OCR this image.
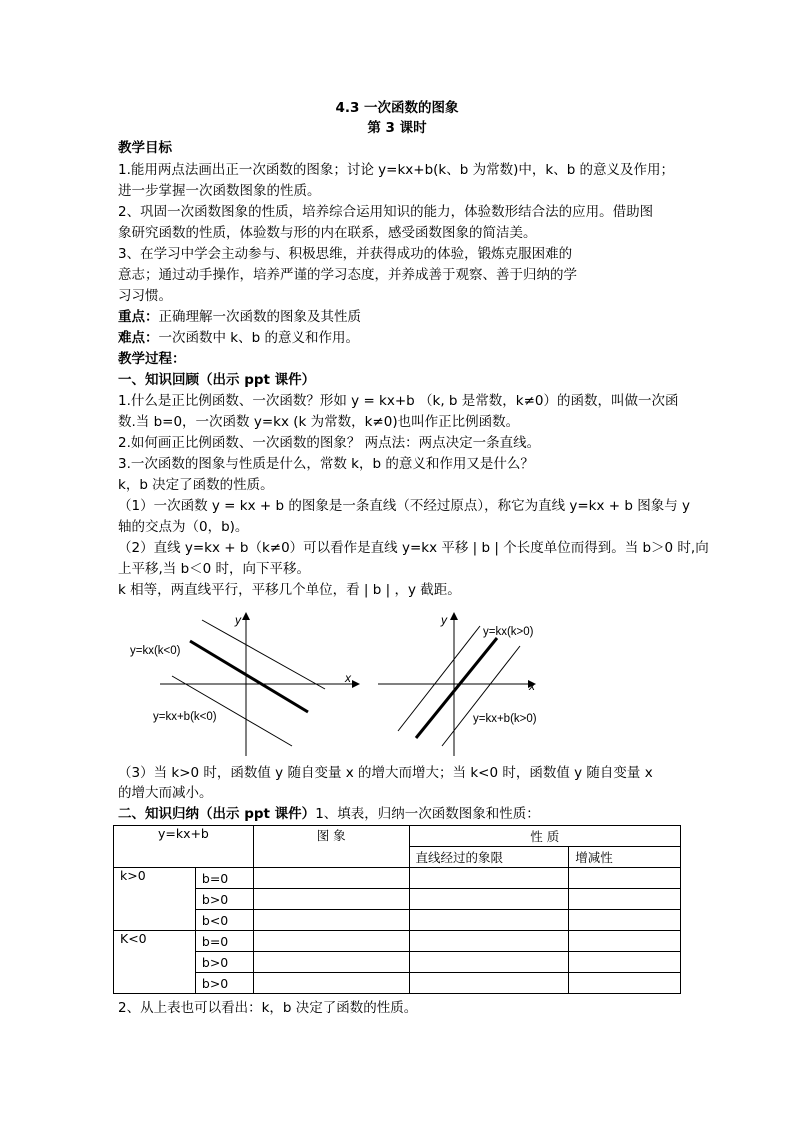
4.3 一次函数的图象
第 3 课时
教学目标
1.能用两点法画出正一次函数的图象；讨论 y=kx+b(k、b 为常数)中，k、b 的意义及作用；
进一步掌握一次函数图象的性质。
2、巩固一次函数图象的性质，培养综合运用知识的能力，体验数形结合法的应用。借助图
象研究函数的性质，体验数与形的内在联系，感受函数图象的简洁美。
3、在学习中学会主动参与、积极思维，并获得成功的体验，锻炼克服困难的
意志；通过动手操作，培养严谨的学习态度，并养成善于观察、善于归纳的学
习习惯。
重点：正确理解一次函数的图象及其性质
难点：一次函数中 k、b 的意义和作用。
教学过程：
一、知识回顾（出示 ppt 课件）
1.什么是正比例函数、一次函数？形如 y = kx+b （k, b 是常数，k≠0）的函数，叫做一次函
数.当 b=0，一次函数 y=kx (k 为常数，k≠0)也叫作正比例函数。
2.如何画正比例函数、一次函数的图象？ 两点法：两点决定一条直线。
3.一次函数的图象与性质是什么，常数 k，b 的意义和作用又是什么？
k，b 决定了函数的性质。
（1）一次函数 y = kx + b 的图象是一条直线（不经过原点），称它为直线 y=kx + b 图象与 y
轴的交点为（0，b)。
（2）直线 y=kx + b（k≠0）可以看作是直线 y=kx 平移 | b | 个长度单位而得到。当 b＞0 时,向
上平移,当 b＜0 时，向下平移。
k 相等，两直线平行，平移几个单位，看 | b | ，y 截距。
x
y
y=kx(k<0)
y=kx+b(k<0)
x
y
y=kx(k>0)
y=kx+b(k>0)
（3）当 k>0 时，函数值 y 随自变量 x 的增大而增大；当 k<0 时，函数值 y 随自变量 x
的增大而减小。
二、知识归纳（出示 ppt 课件）1、填表，归纳一次函数图象和性质：
y=kx+b		图 象	性 质	
			直线经过的象限	增减性
k>0	b=0			
	b>0			
	b<0			
K<0	b=0			
	b>0			
	b>0			
2、从上表也可以看出：k，b 决定了函数的性质。
